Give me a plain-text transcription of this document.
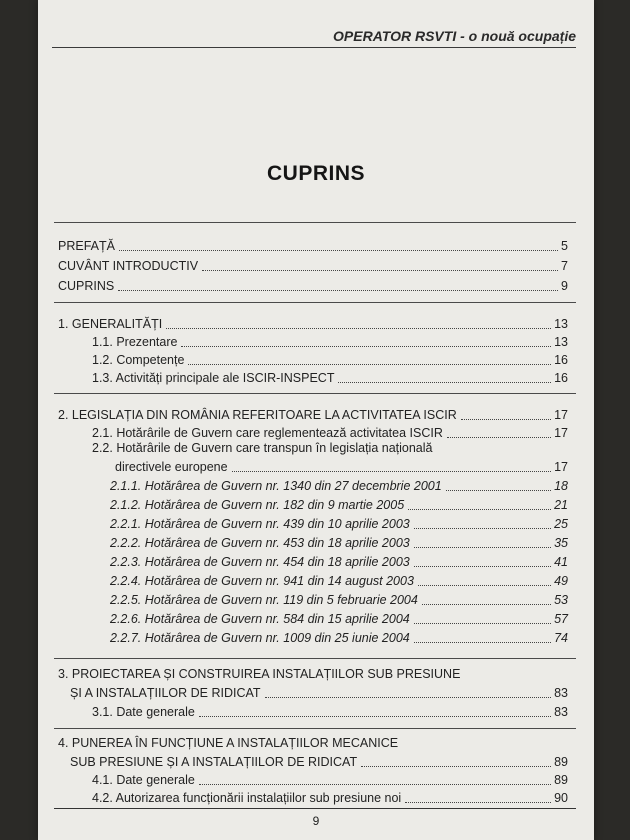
OPERATOR RSVTI - o nouă ocupație
CUPRINS
PREFAȚĂ	5
CUVÂNT INTRODUCTIV	7
CUPRINS	9
1. GENERALITĂȚI	13
1.1. Prezentare	13
1.2. Competențe	16
1.3. Activități principale ale ISCIR-INSPECT	16
2. LEGISLAȚIA DIN ROMÂNIA REFERITOARE LA ACTIVITATEA ISCIR	17
2.1. Hotărârile de Guvern care reglementează activitatea ISCIR	17
2.2. Hotărârile de Guvern care transpun în legislația națională
directivele europene	17
2.1.1. Hotărârea de Guvern nr. 1340 din 27 decembrie 2001	18
2.1.2. Hotărârea de Guvern nr. 182 din 9 martie 2005	21
2.2.1. Hotărârea de Guvern nr. 439 din 10 aprilie 2003	25
2.2.2. Hotărârea de Guvern nr. 453 din 18 aprilie 2003	35
2.2.3. Hotărârea de Guvern nr. 454 din 18 aprilie 2003	41
2.2.4. Hotărârea de Guvern nr. 941 din 14 august 2003	49
2.2.5. Hotărârea de Guvern nr. 119 din 5 februarie 2004	53
2.2.6. Hotărârea de Guvern nr. 584 din 15 aprilie 2004	57
2.2.7. Hotărârea de Guvern nr. 1009 din 25 iunie 2004	74
3. PROIECTAREA ȘI CONSTRUIREA INSTALAȚIILOR SUB PRESIUNE
ȘI A INSTALAȚIILOR DE RIDICAT	83
3.1. Date generale	83
4. PUNEREA ÎN FUNCȚIUNE A INSTALAȚIILOR MECANICE
SUB PRESIUNE ȘI A INSTALAȚIILOR DE RIDICAT	89
4.1. Date generale	89
4.2. Autorizarea funcționării instalațiilor sub presiune noi	90
9
